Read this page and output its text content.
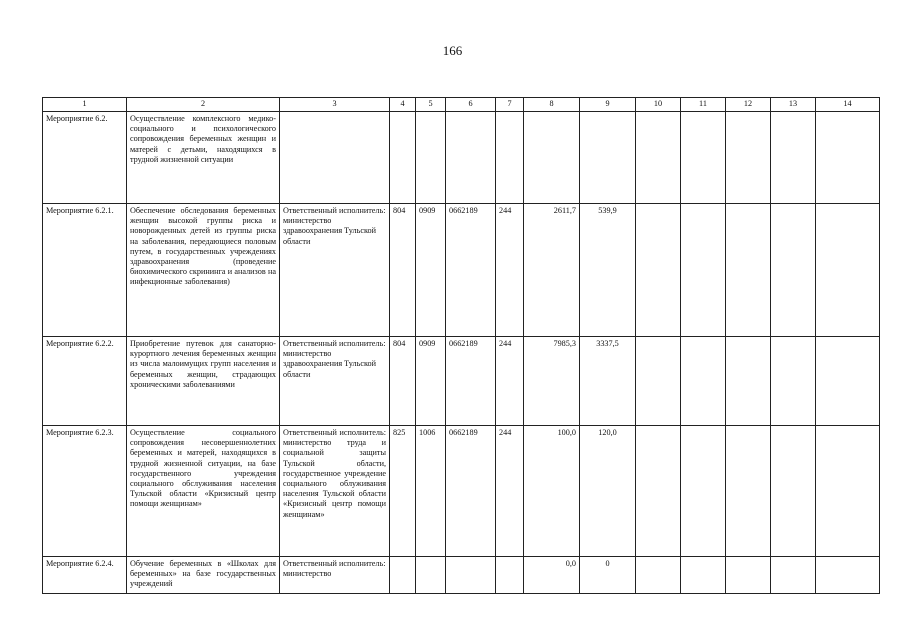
166
1	2	3	4	5	6	7	8	9	10	11	12	13	14
Мероприятие 6.2.	Осуществление комплексного медико- социального и психологического сопровождения беременных женщин и матерей с детьми, находящихся в трудной жизненной ситуации												
Мероприятие 6.2.1.	Обеспечение обследования беременных женщин высокой группы риска и новорожденных детей из группы риска на заболевания, передающиеся половым путем, в государственных учреждениях здравоохранения (проведение биохимического скрининга и анализов на инфекционные заболевания)	Ответственный исполнитель: министерство здравоохранения Тульской области	804	0909	0662189	244	2611,7	539,9					
Мероприятие 6.2.2.	Приобретение путевок для санаторно-курортного лечения беременных женщин из числа малоимущих групп населения и беременных женщин, страдающих хроническими заболеваниями	Ответственный исполнитель: министерство здравоохранения Тульской области	804	0909	0662189	244	7985,3	3337,5					
Мероприятие 6.2.3.	Осуществление социального сопровождения несовершеннолетних беременных и матерей, находящихся в трудной жизненной ситуации, на базе государственного учреждения социального обслуживания населения Тульской области «Кризисный центр помощи женщинам»	Ответственный исполнитель: министерство труда и социальной защиты Тульской области, государственное учреждение социального облуживания населения Тульской области «Кризисный центр помощи женщинам»	825	1006	0662189	244	100,0	120,0					
Мероприятие 6.2.4.	Обучение беременных в «Школах для беременных» на базе государственных учреждений	Ответственный исполнитель: министерство					0,0	0					
